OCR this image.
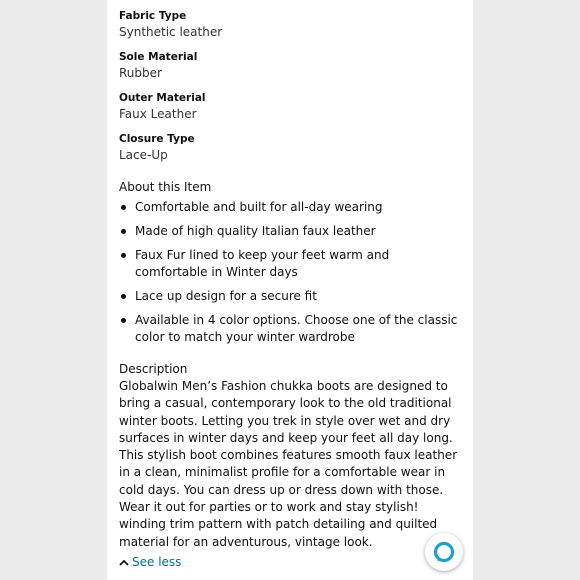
Fabric Type
Synthetic leather
Sole Material
Rubber
Outer Material
Faux Leather
Closure Type
Lace-Up
About this Item
Comfortable and built for all-day wearing
Made of high quality Italian faux leather
Faux Fur lined to keep your feet warm and comfortable in Winter days
Lace up design for a secure fit
Available in 4 color options. Choose one of the classic color to match your winter wardrobe
Description
Globalwin Men’s Fashion chukka boots are designed to bring a casual, contemporary look to the old traditional winter boots. Letting you trek in style over wet and dry surfaces in winter days and keep your feet all day long. This stylish boot combines features smooth faux leather in a clean, minimalist profile for a comfortable wear in cold days. You can dress up or dress down with those. Wear it out for parties or to work and stay stylish! winding trim pattern with patch detailing and quilted material for an adventurous, vintage look.
See less
